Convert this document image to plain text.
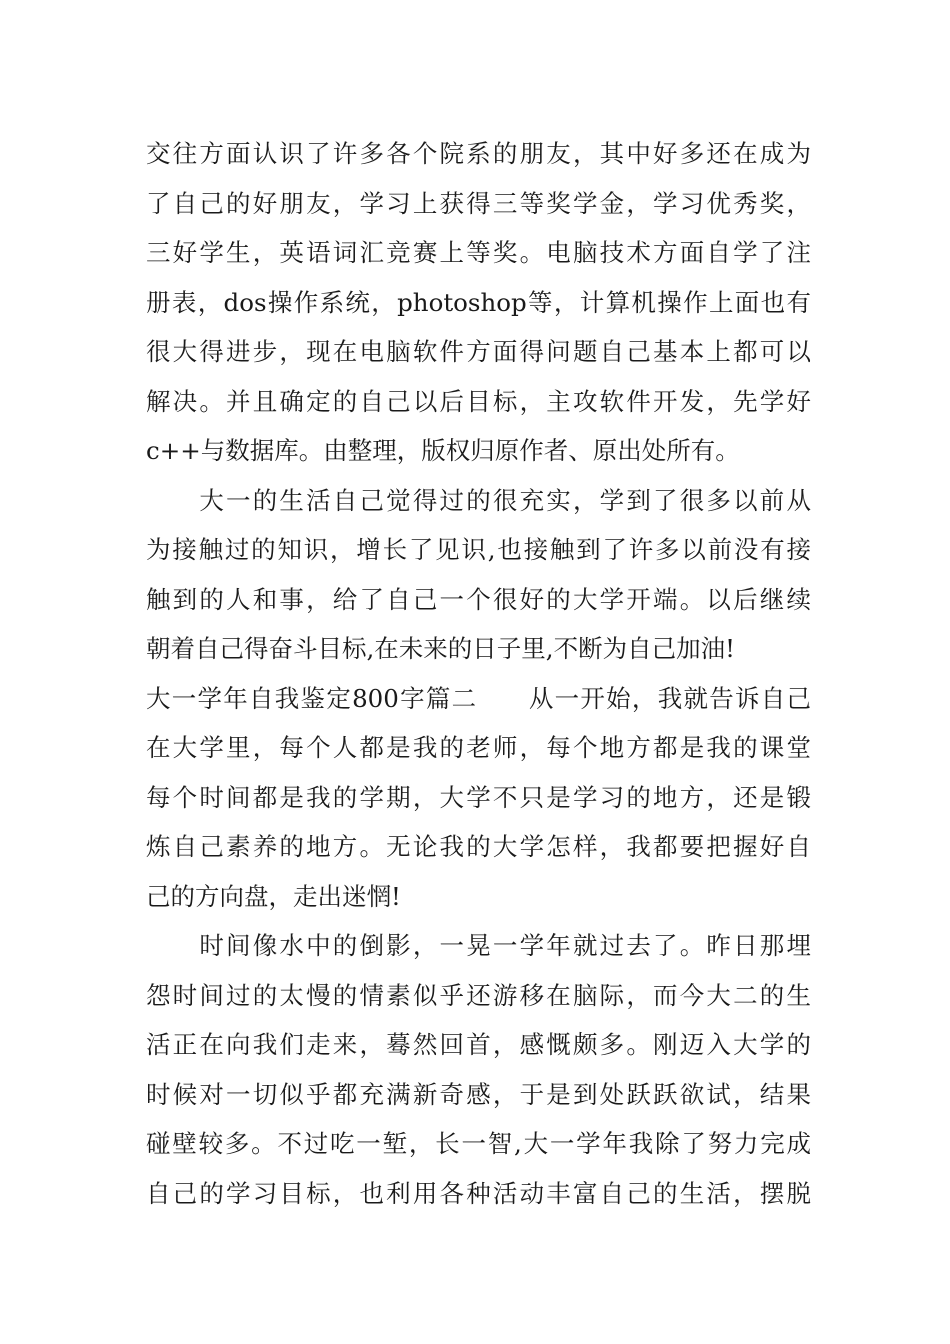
交往方面认识了许多各个院系的朋友，其中好多还在成为
了自己的好朋友，学习上获得三等奖学金，学习优秀奖，
三好学生，英语词汇竞赛上等奖。电脑技术方面自学了注
册表，dos操作系统，photoshop等，计算机操作上面也有
很大得进步，现在电脑软件方面得问题自己基本上都可以
解决。并且确定的自己以后目标，主攻软件开发，先学好
c++与数据库。由整理，版权归原作者、原出处所有。
　　大一的生活自己觉得过的很充实，学到了很多以前从
为接触过的知识，增长了见识,也接触到了许多以前没有接
触到的人和事，给了自己一个很好的大学开端。以后继续
朝着自己得奋斗目标,在未来的日子里,不断为自己加油!
大一学年自我鉴定800字篇二　　从一开始，我就告诉自己
在大学里，每个人都是我的老师，每个地方都是我的课堂
每个时间都是我的学期，大学不只是学习的地方，还是锻
炼自己素养的地方。无论我的大学怎样，我都要把握好自
己的方向盘，走出迷惘!
　　时间像水中的倒影，一晃一学年就过去了。昨日那埋
怨时间过的太慢的情素似乎还游移在脑际，而今大二的生
活正在向我们走来，蓦然回首，感慨颇多。刚迈入大学的
时候对一切似乎都充满新奇感，于是到处跃跃欲试，结果
碰壁较多。不过吃一堑，长一智,大一学年我除了努力完成
自己的学习目标，也利用各种活动丰富自己的生活，摆脱
